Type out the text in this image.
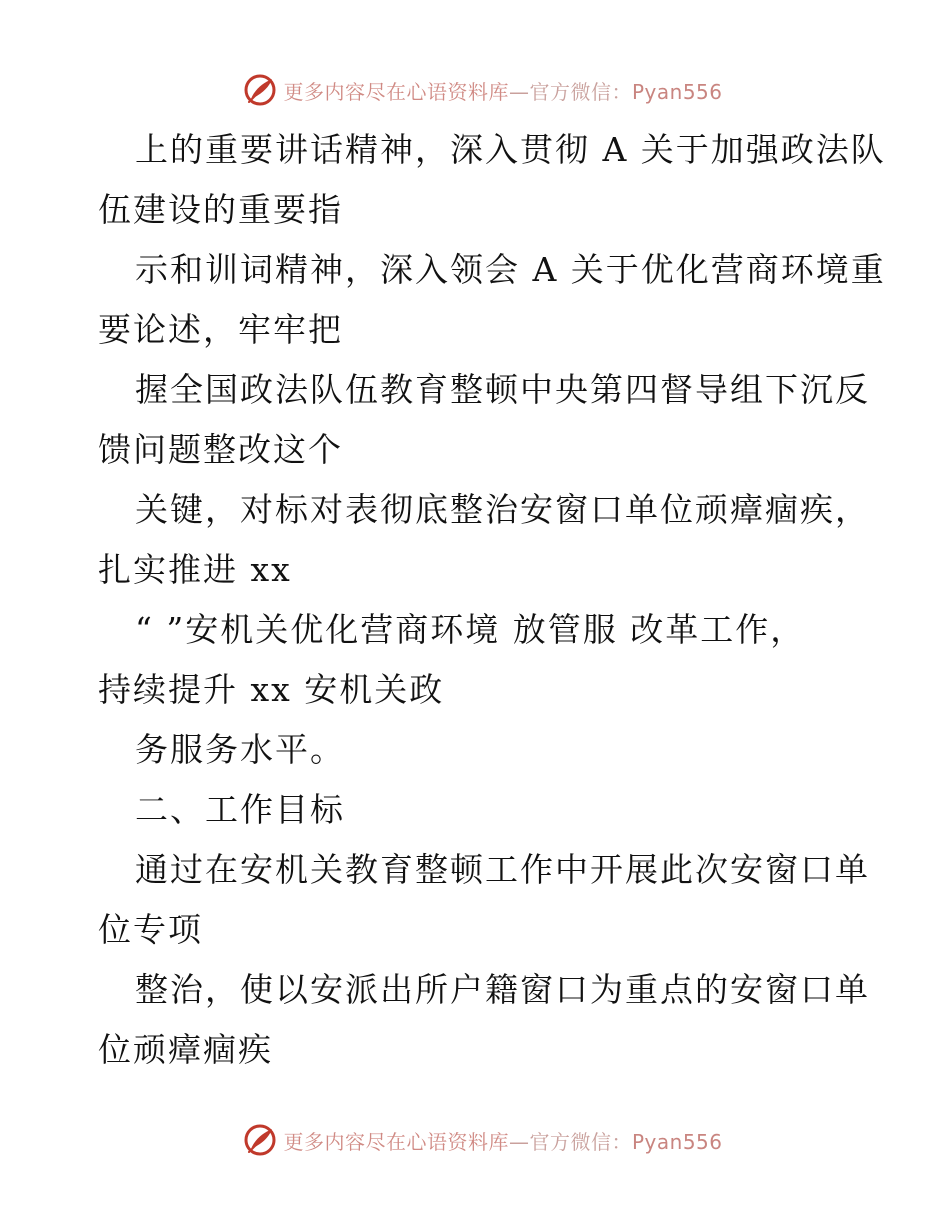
更多内容尽在心语资料库—官方微信：Pyan556
上的重要讲话精神，深入贯彻 A 关于加强政法队
伍建设的重要指
示和训词精神，深入领会 A 关于优化营商环境重
要论述，牢牢把
握全国政法队伍教育整顿中央第四督导组下沉反
馈问题整改这个
关键，对标对表彻底整治安窗口单位顽瘴痼疾，
扎实推进 xx
“ ”安机关优化营商环境 放管服 改革工作，
持续提升 xx 安机关政
务服务水平。
二、工作目标
通过在安机关教育整顿工作中开展此次安窗口单
位专项
整治，使以安派出所户籍窗口为重点的安窗口单
位顽瘴痼疾
更多内容尽在心语资料库—官方微信：Pyan556
